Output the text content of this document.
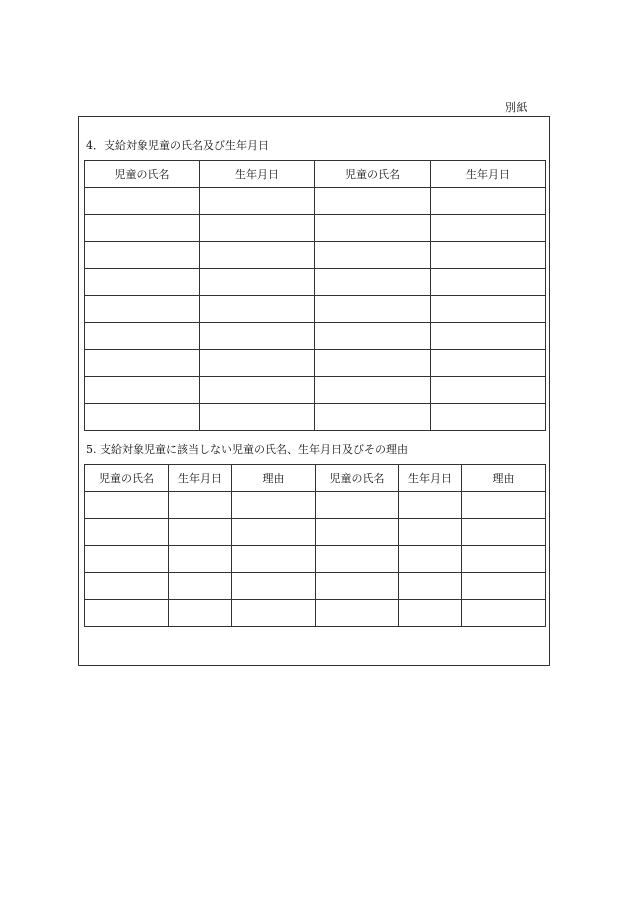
別紙
4．支給対象児童の氏名及び生年月日
児童の氏名	生年月日	児童の氏名	生年月日

5. 支給対象児童に該当しない児童の氏名、生年月日及びその理由
児童の氏名	生年月日	理由	児童の氏名	生年月日	理由
